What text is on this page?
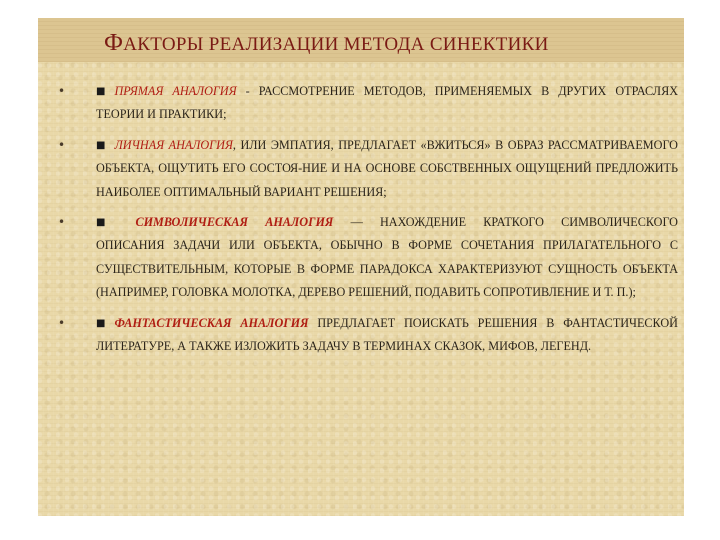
ФАКТОРЫ РЕАЛИЗАЦИИ МЕТОДА СИНЕКТИКИ
•	■ ПРЯМАЯ АНАЛОГИЯ - РАССМОТРЕНИЕ МЕТОДОВ, ПРИМЕНЯЕМЫХ В ДРУГИХ ОТРАСЛЯХ ТЕОРИИ И ПРАКТИКИ;
•	■ ЛИЧНАЯ АНАЛОГИЯ, ИЛИ ЭМПАТИЯ, ПРЕДЛАГАЕТ «ВЖИТЬСЯ» В ОБРАЗ РАССМАТРИВАЕМОГО ОБЪЕКТА, ОЩУТИТЬ ЕГО СОСТОЯ-НИЕ И НА ОСНОВЕ СОБСТВЕННЫХ ОЩУЩЕНИЙ ПРЕДЛОЖИТЬ НАИБОЛЕЕ ОПТИМАЛЬНЫЙ ВАРИАНТ РЕШЕНИЯ;
•	■ СИМВОЛИЧЕСКАЯ АНАЛОГИЯ — НАХОЖДЕНИЕ КРАТКОГО СИМВОЛИЧЕСКОГО ОПИСАНИЯ ЗАДАЧИ ИЛИ ОБЪЕКТА, ОБЫЧНО В ФОРМЕ СОЧЕТАНИЯ ПРИЛАГАТЕЛЬНОГО С СУЩЕСТВИТЕЛЬНЫМ, КОТОРЫЕ В ФОРМЕ ПАРАДОКСА ХАРАКТЕРИЗУЮТ СУЩНОСТЬ ОБЪЕКТА (НАПРИМЕР, ГОЛОВКА МОЛОТКА, ДЕРЕВО РЕШЕНИЙ, ПОДАВИТЬ СОПРОТИВЛЕНИЕ И Т. П.);
•	■ ФАНТАСТИЧЕСКАЯ АНАЛОГИЯ ПРЕДЛАГАЕТ ПОИСКАТЬ РЕШЕНИЯ В ФАНТАСТИЧЕСКОЙ ЛИТЕРАТУРЕ, А ТАКЖЕ ИЗЛОЖИТЬ ЗАДАЧУ В ТЕРМИНАХ СКАЗОК, МИФОВ, ЛЕГЕНД.
